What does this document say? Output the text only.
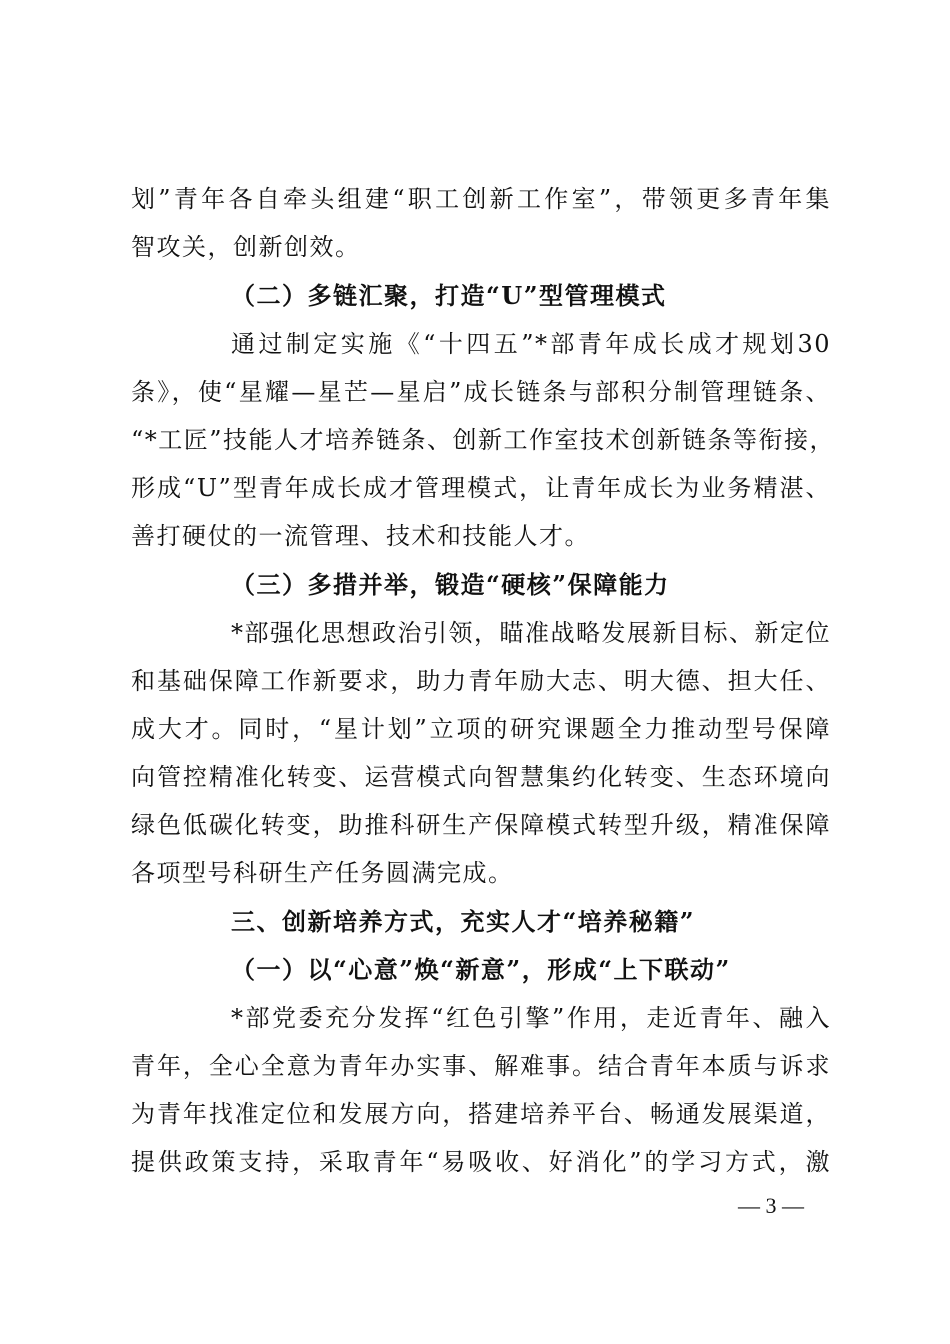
划”青年各自牵头组建“职工创新工作室”，带领更多青年集
智攻关，创新创效。
（二）多链汇聚，打造“U”型管理模式
通过制定实施《“十四五”*部青年成长成才规划30
条》，使“星耀—星芒—星启”成长链条与部积分制管理链条、
“*工匠”技能人才培养链条、创新工作室技术创新链条等衔接，
形成“U”型青年成长成才管理模式，让青年成长为业务精湛、
善打硬仗的一流管理、技术和技能人才。
（三）多措并举，锻造“硬核”保障能力
*部强化思想政治引领，瞄准战略发展新目标、新定位
和基础保障工作新要求，助力青年励大志、明大德、担大任、
成大才。同时，“星计划”立项的研究课题全力推动型号保障
向管控精准化转变、运营模式向智慧集约化转变、生态环境向
绿色低碳化转变，助推科研生产保障模式转型升级，精准保障
各项型号科研生产任务圆满完成。
三、创新培养方式，充实人才“培养秘籍”
（一）以“心意”焕“新意”，形成“上下联动”
*部党委充分发挥“红色引擎”作用，走近青年、融入
青年，全心全意为青年办实事、解难事。结合青年本质与诉求
为青年找准定位和发展方向，搭建培养平台、畅通发展渠道，
提供政策支持，采取青年“易吸收、好消化”的学习方式，激
— 3 —
